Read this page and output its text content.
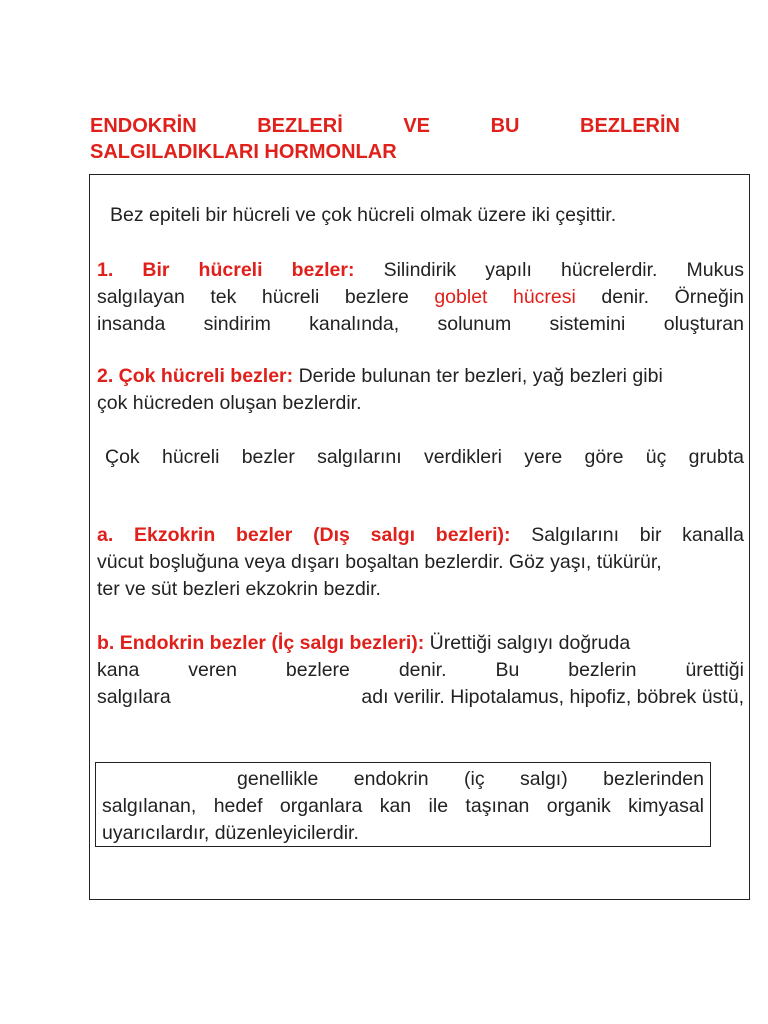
ENDOKRİN	BEZLERİ	VE	BU	BEZLERİN
SALGILADIKLARI HORMONLAR
Bez epiteli bir hücreli ve çok hücreli olmak üzere iki çeşittir.
1. Bir hücreli bezler: Silindirik yapılı hücrelerdir. Mukus
salgılayan tek hücreli bezlere goblet hücresi denir. Örneğin
insanda sindirim kanalında, solunum sistemini oluşturan
2. Çok hücreli bezler: Deride bulunan ter bezleri, yağ bezleri gibi
çok hücreden oluşan bezlerdir.
Çok hücreli bezler salgılarını verdikleri yere göre üç grubta
a. Ekzokrin bezler (Dış salgı bezleri): Salgılarını bir kanalla
vücut boşluğuna veya dışarı boşaltan bezlerdir. Göz yaşı, tükürür,
ter ve süt bezleri ekzokrin bezdir.
b. Endokrin bezler (İç salgı bezleri): Ürettiği salgıyı doğruda
kana	veren	bezlere	denir.	Bu	bezlerin	ürettiği
salgılara	adı verilir. Hipotalamus, hipofiz, böbrek üstü,
genellikle endokrin (iç salgı) bezlerinden
salgılanan, hedef organlara kan ile taşınan organik kimyasal
uyarıcılardır, düzenleyicilerdir.
